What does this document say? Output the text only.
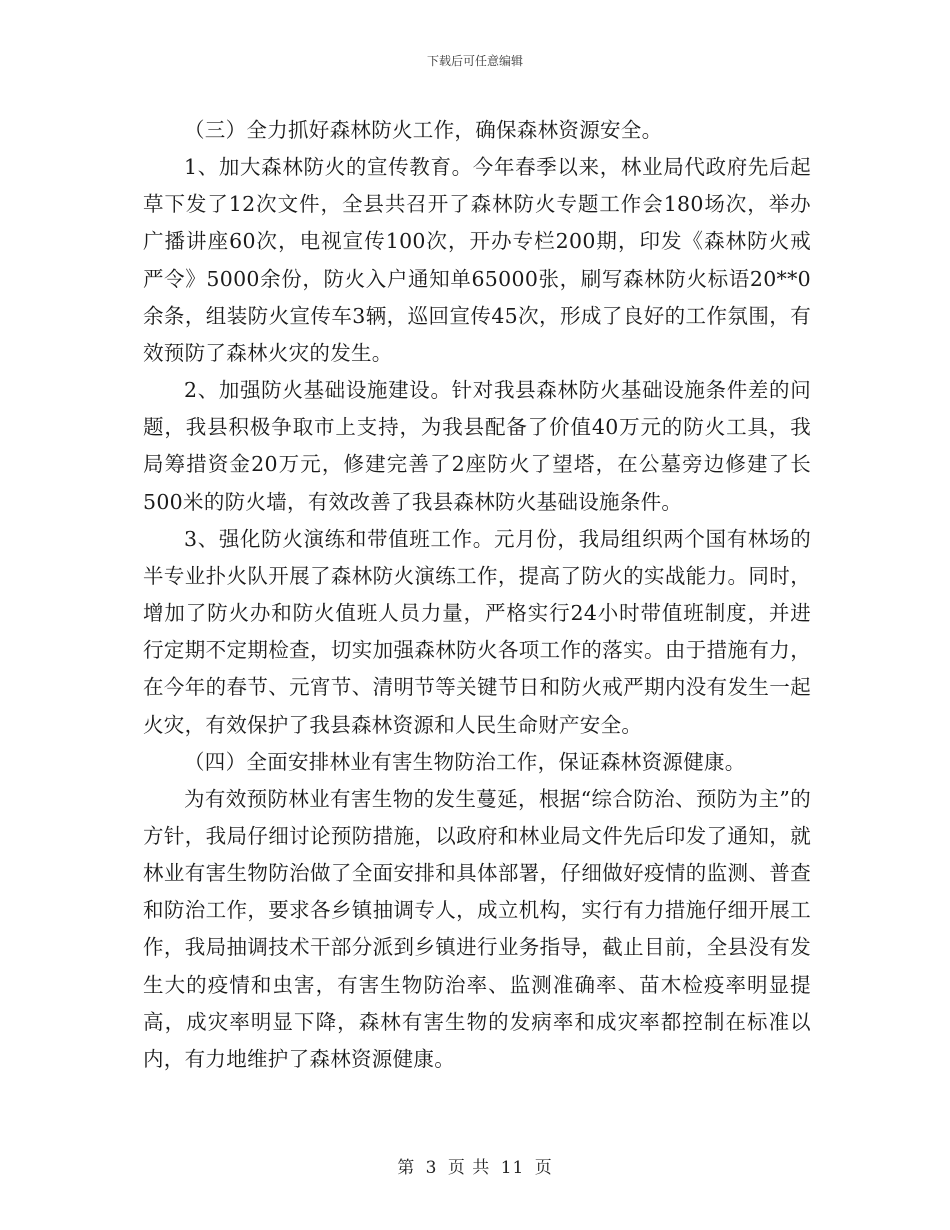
下载后可任意编辑

（三）全力抓好森林防火工作，确保森林资源安全。

1、加大森林防火的宣传教育。今年春季以来，林业局代政府先后起草下发了12次文件，全县共召开了森林防火专题工作会180场次，举办广播讲座60次，电视宣传100次，开办专栏200期，印发《森林防火戒严令》5000余份，防火入户通知单65000张，刷写森林防火标语20**0余条，组装防火宣传车3辆，巡回宣传45次，形成了良好的工作氛围，有效预防了森林火灾的发生。

2、加强防火基础设施建设。针对我县森林防火基础设施条件差的问题，我县积极争取市上支持，为我县配备了价值40万元的防火工具，我局筹措资金20万元，修建完善了2座防火了望塔，在公墓旁边修建了长500米的防火墙，有效改善了我县森林防火基础设施条件。

3、强化防火演练和带值班工作。元月份，我局组织两个国有林场的半专业扑火队开展了森林防火演练工作，提高了防火的实战能力。同时，增加了防火办和防火值班人员力量，严格实行24小时带值班制度，并进行定期不定期检查，切实加强森林防火各项工作的落实。由于措施有力，在今年的春节、元宵节、清明节等关键节日和防火戒严期内没有发生一起火灾，有效保护了我县森林资源和人民生命财产安全。

（四）全面安排林业有害生物防治工作，保证森林资源健康。

为有效预防林业有害生物的发生蔓延，根据“综合防治、预防为主”的方针，我局仔细讨论预防措施，以政府和林业局文件先后印发了通知，就林业有害生物防治做了全面安排和具体部署，仔细做好疫情的监测、普查和防治工作，要求各乡镇抽调专人，成立机构，实行有力措施仔细开展工作，我局抽调技术干部分派到乡镇进行业务指导，截止目前，全县没有发生大的疫情和虫害，有害生物防治率、监测准确率、苗木检疫率明显提高，成灾率明显下降，森林有害生物的发病率和成灾率都控制在标准以内，有力地维护了森林资源健康。

第 3 页 共 11 页
